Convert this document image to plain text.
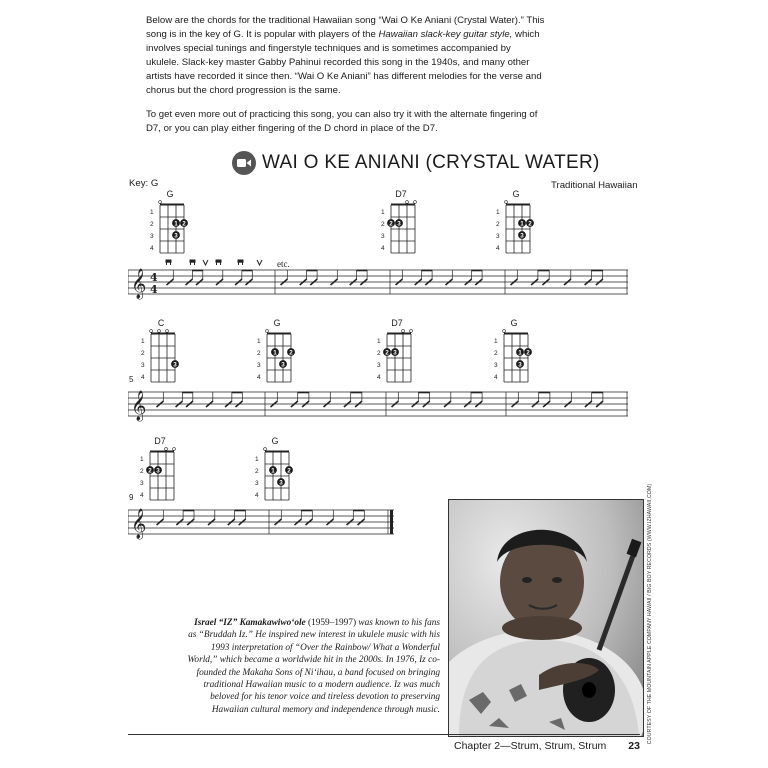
Below are the chords for the traditional Hawaiian song “Wai O Ke Aniani (Crystal Water).” This song is in the key of G. It is popular with players of the Hawaiian slack-key guitar style, which involves special tunings and fingerstyle techniques and is sometimes accompanied by ukulele. Slack-key master Gabby Pahinui recorded this song in the 1940s, and many other artists have recorded it since then. “Wai O Ke Aniani” has different melodies for the verse and chorus but the chord progression is the same.

To get even more out of practicing this song, you can also try it with the alternate fingering of D7, or you can play either fingering of the D chord in place of the D7.

WAI O KE ANIANI (CRYSTAL WATER)
Key: G	Traditional Hawaiian
G
1
2
3
4
1 2
3
D7
1
2
3
4
2 3
G
1
2
3
4
1 2
3
C
1
2
3
4
3
G
1
2
3
4
1 2
3
D7
1
2
3
4
2 3
G
1
2
3
4
1 2
3
D7
1
2
3
4
2 3
G
1
2
3
4
1 2
3
𝄞 4
4
etc.
5
𝄞
9
𝄞	COURTESY OF THE MOUNTAIN APPLE COMPANY HAWAII / BIG BOY RECORDS (WWW.IZHAWAII.COM)
Israel “IZ” Kamakawiwo‘ole (1959–1997) was known to his fans as “Bruddah Iz.” He inspired new interest in ukulele music with his 1993 interpretation of “Over the Rainbow/ What a Wonderful World,” which became a worldwide hit in the 2000s. In 1976, Iz co-founded the Makaha Sons of Ni‘ihau, a band focused on bringing traditional Hawaiian music to a modern audience. Iz was much beloved for his tenor voice and tireless devotion to preserving Hawaiian cultural memory and independence through music.
Chapter 2—Strum, Strum, Strum 23
